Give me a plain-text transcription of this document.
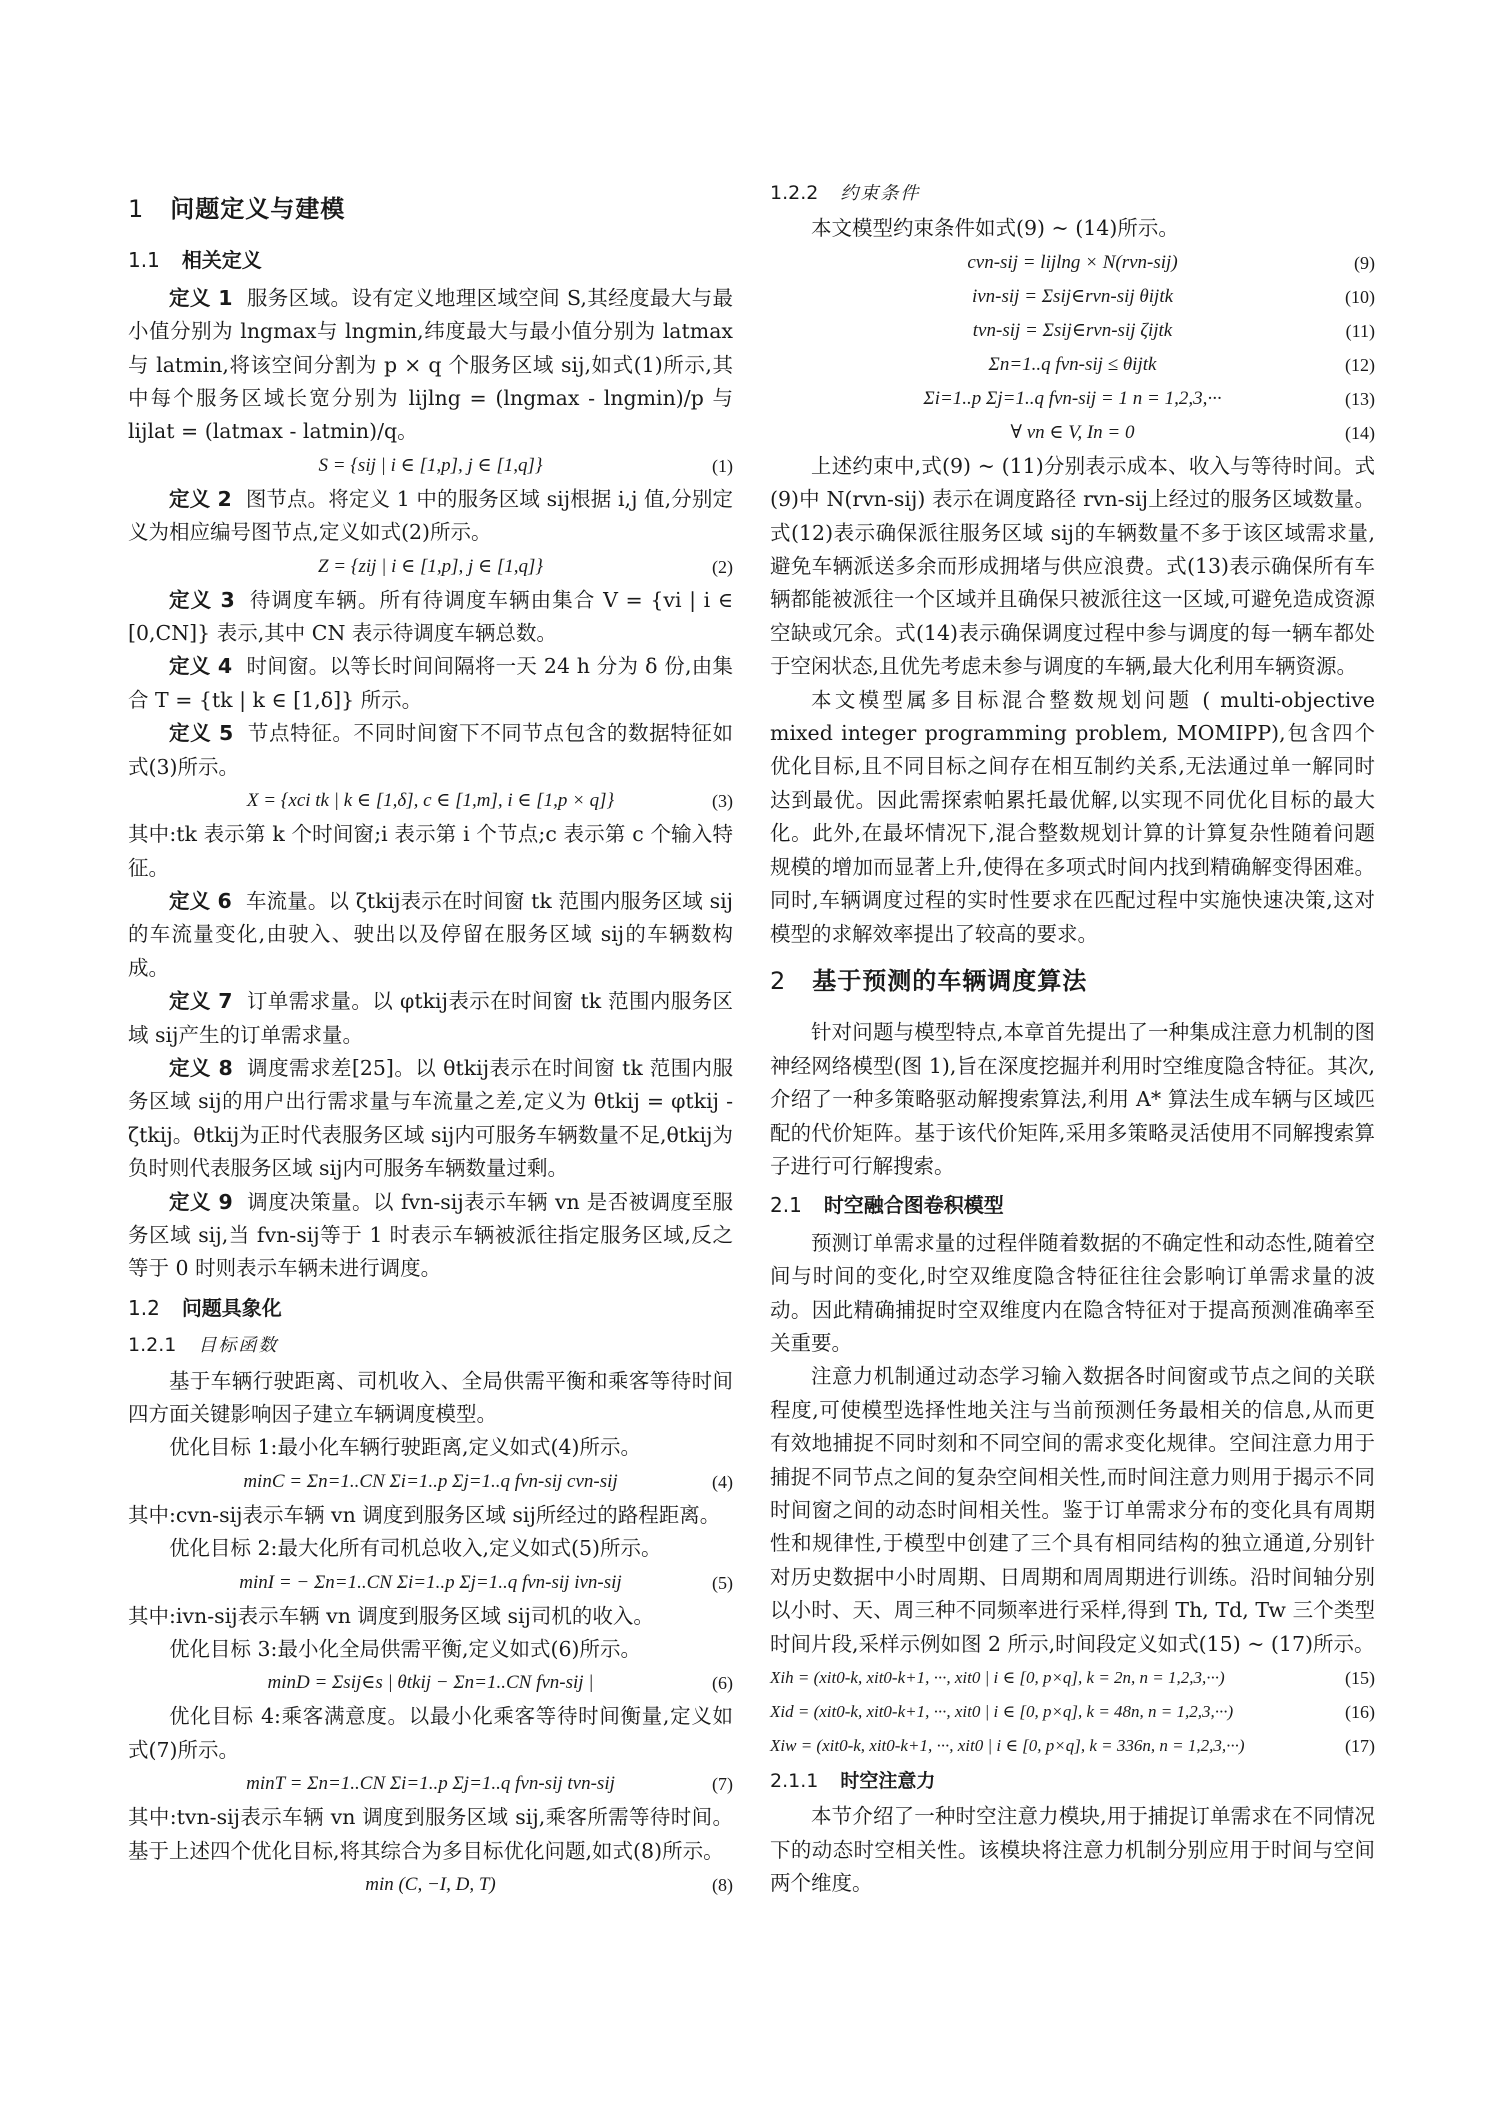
1 问题定义与建模
1.1 相关定义

定义 1 服务区域。设有定义地理区域空间 S,其经度最大与最小值分别为 lngmax与 lngmin,纬度最大与最小值分别为 latmax与 latmin,将该空间分割为 p × q 个服务区域 sij,如式(1)所示,其中每个服务区域长宽分别为 lijlng = (lngmax - lngmin)/p 与 lijlat = (latmax - latmin)/q。

S = {sij | i ∈ [1,p], j ∈ [1,q]}	(1)

定义 2 图节点。将定义 1 中的服务区域 sij根据 i,j 值,分别定义为相应编号图节点,定义如式(2)所示。

Z = {zij | i ∈ [1,p], j ∈ [1,q]}	(2)

定义 3 待调度车辆。所有待调度车辆由集合 V = {vi | i ∈ [0,CN]} 表示,其中 CN 表示待调度车辆总数。

定义 4 时间窗。以等长时间间隔将一天 24 h 分为 δ 份,由集合 T = {tk | k ∈ [1,δ]} 所示。

定义 5 节点特征。不同时间窗下不同节点包含的数据特征如式(3)所示。

X = {xci tk | k ∈ [1,δ], c ∈ [1,m], i ∈ [1,p × q]}	(3)

其中:tk 表示第 k 个时间窗;i 表示第 i 个节点;c 表示第 c 个输入特征。

定义 6 车流量。以 ζtkij表示在时间窗 tk 范围内服务区域 sij的车流量变化,由驶入、驶出以及停留在服务区域 sij的车辆数构成。

定义 7 订单需求量。以 φtkij表示在时间窗 tk 范围内服务区域 sij产生的订单需求量。

定义 8 调度需求差[25]。以 θtkij表示在时间窗 tk 范围内服务区域 sij的用户出行需求量与车流量之差,定义为 θtkij = φtkij - ζtkij。θtkij为正时代表服务区域 sij内可服务车辆数量不足,θtkij为负时则代表服务区域 sij内可服务车辆数量过剩。

定义 9 调度决策量。以 fvn-sij表示车辆 vn 是否被调度至服务区域 sij,当 fvn-sij等于 1 时表示车辆被派往指定服务区域,反之等于 0 时则表示车辆未进行调度。

1.2 问题具象化
1.2.1 目标函数

基于车辆行驶距离、司机收入、全局供需平衡和乘客等待时间四方面关键影响因子建立车辆调度模型。

优化目标 1:最小化车辆行驶距离,定义如式(4)所示。

minC = Σn=1..CN Σi=1..p Σj=1..q fvn-sij cvn-sij	(4)

其中:cvn-sij表示车辆 vn 调度到服务区域 sij所经过的路程距离。

优化目标 2:最大化所有司机总收入,定义如式(5)所示。

minI = − Σn=1..CN Σi=1..p Σj=1..q fvn-sij ivn-sij	(5)

其中:ivn-sij表示车辆 vn 调度到服务区域 sij司机的收入。

优化目标 3:最小化全局供需平衡,定义如式(6)所示。

minD = Σsij∈s | θtkij − Σn=1..CN fvn-sij |	(6)

优化目标 4:乘客满意度。以最小化乘客等待时间衡量,定义如式(7)所示。

minT = Σn=1..CN Σi=1..p Σj=1..q fvn-sij tvn-sij	(7)

其中:tvn-sij表示车辆 vn 调度到服务区域 sij,乘客所需等待时间。基于上述四个优化目标,将其综合为多目标优化问题,如式(8)所示。

min (C, −I, D, T)	(8)
1.2.2 约束条件

本文模型约束条件如式(9) ~ (14)所示。

cvn-sij = lijlng × N(rvn-sij)	(9)
ivn-sij = Σsij∈rvn-sij θijtk	(10)
tvn-sij = Σsij∈rvn-sij ζijtk	(11)
Σn=1..q fvn-sij ≤ θijtk	(12)
Σi=1..p Σj=1..q fvn-sij = 1 n = 1,2,3,···	(13)
∀ vn ∈ V, In = 0	(14)

上述约束中,式(9) ~ (11)分别表示成本、收入与等待时间。式(9)中 N(rvn-sij) 表示在调度路径 rvn-sij上经过的服务区域数量。式(12)表示确保派往服务区域 sij的车辆数量不多于该区域需求量,避免车辆派送多余而形成拥堵与供应浪费。式(13)表示确保所有车辆都能被派往一个区域并且确保只被派往这一区域,可避免造成资源空缺或冗余。式(14)表示确保调度过程中参与调度的每一辆车都处于空闲状态,且优先考虑未参与调度的车辆,最大化利用车辆资源。

本文模型属多目标混合整数规划问题 ( multi-objective mixed integer programming problem, MOMIPP),包含四个优化目标,且不同目标之间存在相互制约关系,无法通过单一解同时达到最优。因此需探索帕累托最优解,以实现不同优化目标的最大化。此外,在最坏情况下,混合整数规划计算的计算复杂性随着问题规模的增加而显著上升,使得在多项式时间内找到精确解变得困难。同时,车辆调度过程的实时性要求在匹配过程中实施快速决策,这对模型的求解效率提出了较高的要求。

2 基于预测的车辆调度算法

针对问题与模型特点,本章首先提出了一种集成注意力机制的图神经网络模型(图 1),旨在深度挖掘并利用时空维度隐含特征。其次,介绍了一种多策略驱动解搜索算法,利用 A* 算法生成车辆与区域匹配的代价矩阵。基于该代价矩阵,采用多策略灵活使用不同解搜索算子进行可行解搜索。

2.1 时空融合图卷积模型

预测订单需求量的过程伴随着数据的不确定性和动态性,随着空间与时间的变化,时空双维度隐含特征往往会影响订单需求量的波动。因此精确捕捉时空双维度内在隐含特征对于提高预测准确率至关重要。

注意力机制通过动态学习输入数据各时间窗或节点之间的关联程度,可使模型选择性地关注与当前预测任务最相关的信息,从而更有效地捕捉不同时刻和不同空间的需求变化规律。空间注意力用于捕捉不同节点之间的复杂空间相关性,而时间注意力则用于揭示不同时间窗之间的动态时间相关性。鉴于订单需求分布的变化具有周期性和规律性,于模型中创建了三个具有相同结构的独立通道,分别针对历史数据中小时周期、日周期和周周期进行训练。沿时间轴分别以小时、天、周三种不同频率进行采样,得到 Th, Td, Tw 三个类型时间片段,采样示例如图 2 所示,时间段定义如式(15) ~ (17)所示。

Xih = (xit0-k, xit0-k+1, ···, xit0 | i ∈ [0, p×q], k = 2n, n = 1,2,3,···)	(15)
Xid = (xit0-k, xit0-k+1, ···, xit0 | i ∈ [0, p×q], k = 48n, n = 1,2,3,···)	(16)
Xiw = (xit0-k, xit0-k+1, ···, xit0 | i ∈ [0, p×q], k = 336n, n = 1,2,3,···)	(17)
2.1.1 时空注意力

本节介绍了一种时空注意力模块,用于捕捉订单需求在不同情况下的动态时空相关性。该模块将注意力机制分别应用于时间与空间两个维度。
